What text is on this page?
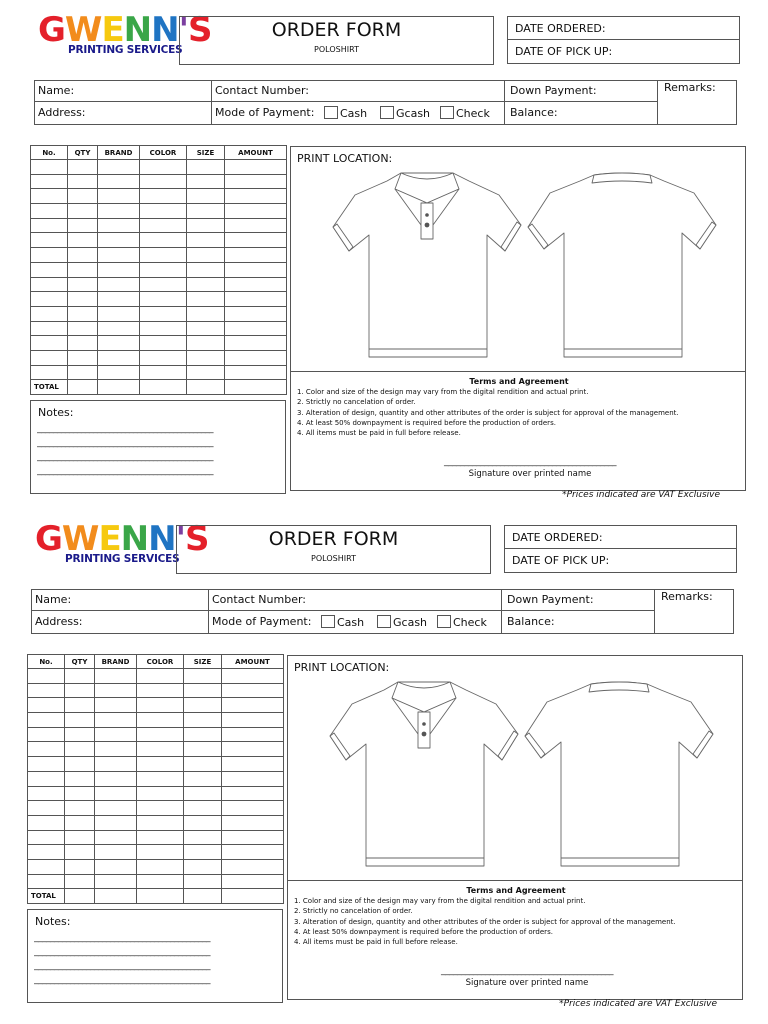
GWENN'S
PRINTING SERVICES
ORDER FORM
POLOSHIRT
DATE ORDERED:
DATE OF PICK UP:
Name:
Address:
Contact Number:
Mode of Payment:	Cash	Gcash	Check
Down Payment:
Balance:
Remarks:
No.	QTY	BRAND	COLOR	SIZE	AMOUNT

TOTAL					
Notes:
____________________________________________
____________________________________________
____________________________________________
____________________________________________
PRINT LOCATION:
Terms and Agreement
1. Color and size of the design may vary from the digital rendition and actual print.
2. Strictly no cancelation of order.
3. Alteration of design, quantity and other attributes of the order is subject for approval of the management.
4. At least 50% downpayment is required before the production of orders.
4. All items must be paid in full before release.
___________________________________________
Signature over printed name
*Prices indicated are VAT Exclusive
GWENN'S
PRINTING SERVICES
ORDER FORM
POLOSHIRT
DATE ORDERED:
DATE OF PICK UP:
Name:
Address:
Contact Number:
Mode of Payment:	Cash	Gcash	Check
Down Payment:
Balance:
Remarks:
No.	QTY	BRAND	COLOR	SIZE	AMOUNT

TOTAL					
Notes:
____________________________________________
____________________________________________
____________________________________________
____________________________________________
PRINT LOCATION:
Terms and Agreement
1. Color and size of the design may vary from the digital rendition and actual print.
2. Strictly no cancelation of order.
3. Alteration of design, quantity and other attributes of the order is subject for approval of the management.
4. At least 50% downpayment is required before the production of orders.
4. All items must be paid in full before release.
___________________________________________
Signature over printed name
*Prices indicated are VAT Exclusive
